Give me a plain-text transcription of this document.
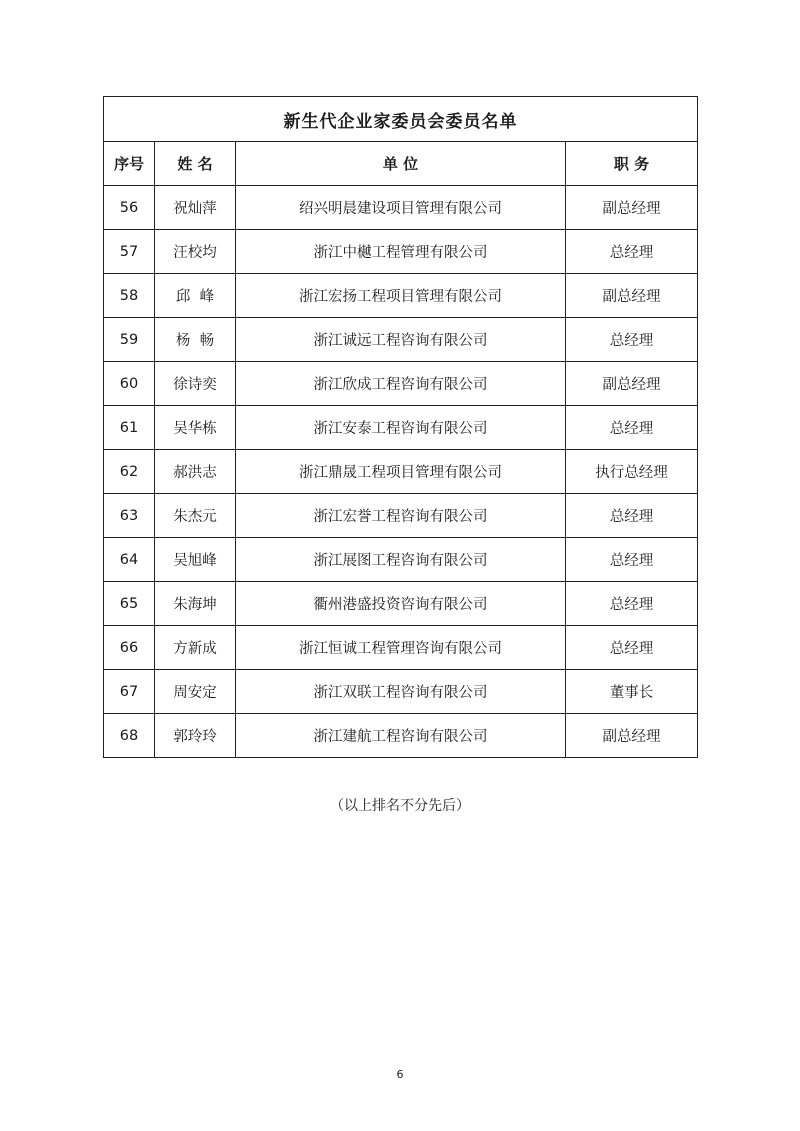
新生代企业家委员会委员名单			
序号	姓 名	单 位	职 务
56	祝灿萍	绍兴明晨建设项目管理有限公司	副总经理
57	汪校均	浙江中樾工程管理有限公司	总经理
58	邱  峰	浙江宏扬工程项目管理有限公司	副总经理
59	杨  畅	浙江诚远工程咨询有限公司	总经理
60	徐诗奕	浙江欣成工程咨询有限公司	副总经理
61	吴华栋	浙江安泰工程咨询有限公司	总经理
62	郝洪志	浙江鼎晟工程项目管理有限公司	执行总经理
63	朱杰元	浙江宏誉工程咨询有限公司	总经理
64	吴旭峰	浙江展图工程咨询有限公司	总经理
65	朱海坤	衢州港盛投资咨询有限公司	总经理
66	方新成	浙江恒诚工程管理咨询有限公司	总经理
67	周安定	浙江双联工程咨询有限公司	董事长
68	郭玲玲	浙江建航工程咨询有限公司	副总经理
（以上排名不分先后）
6
